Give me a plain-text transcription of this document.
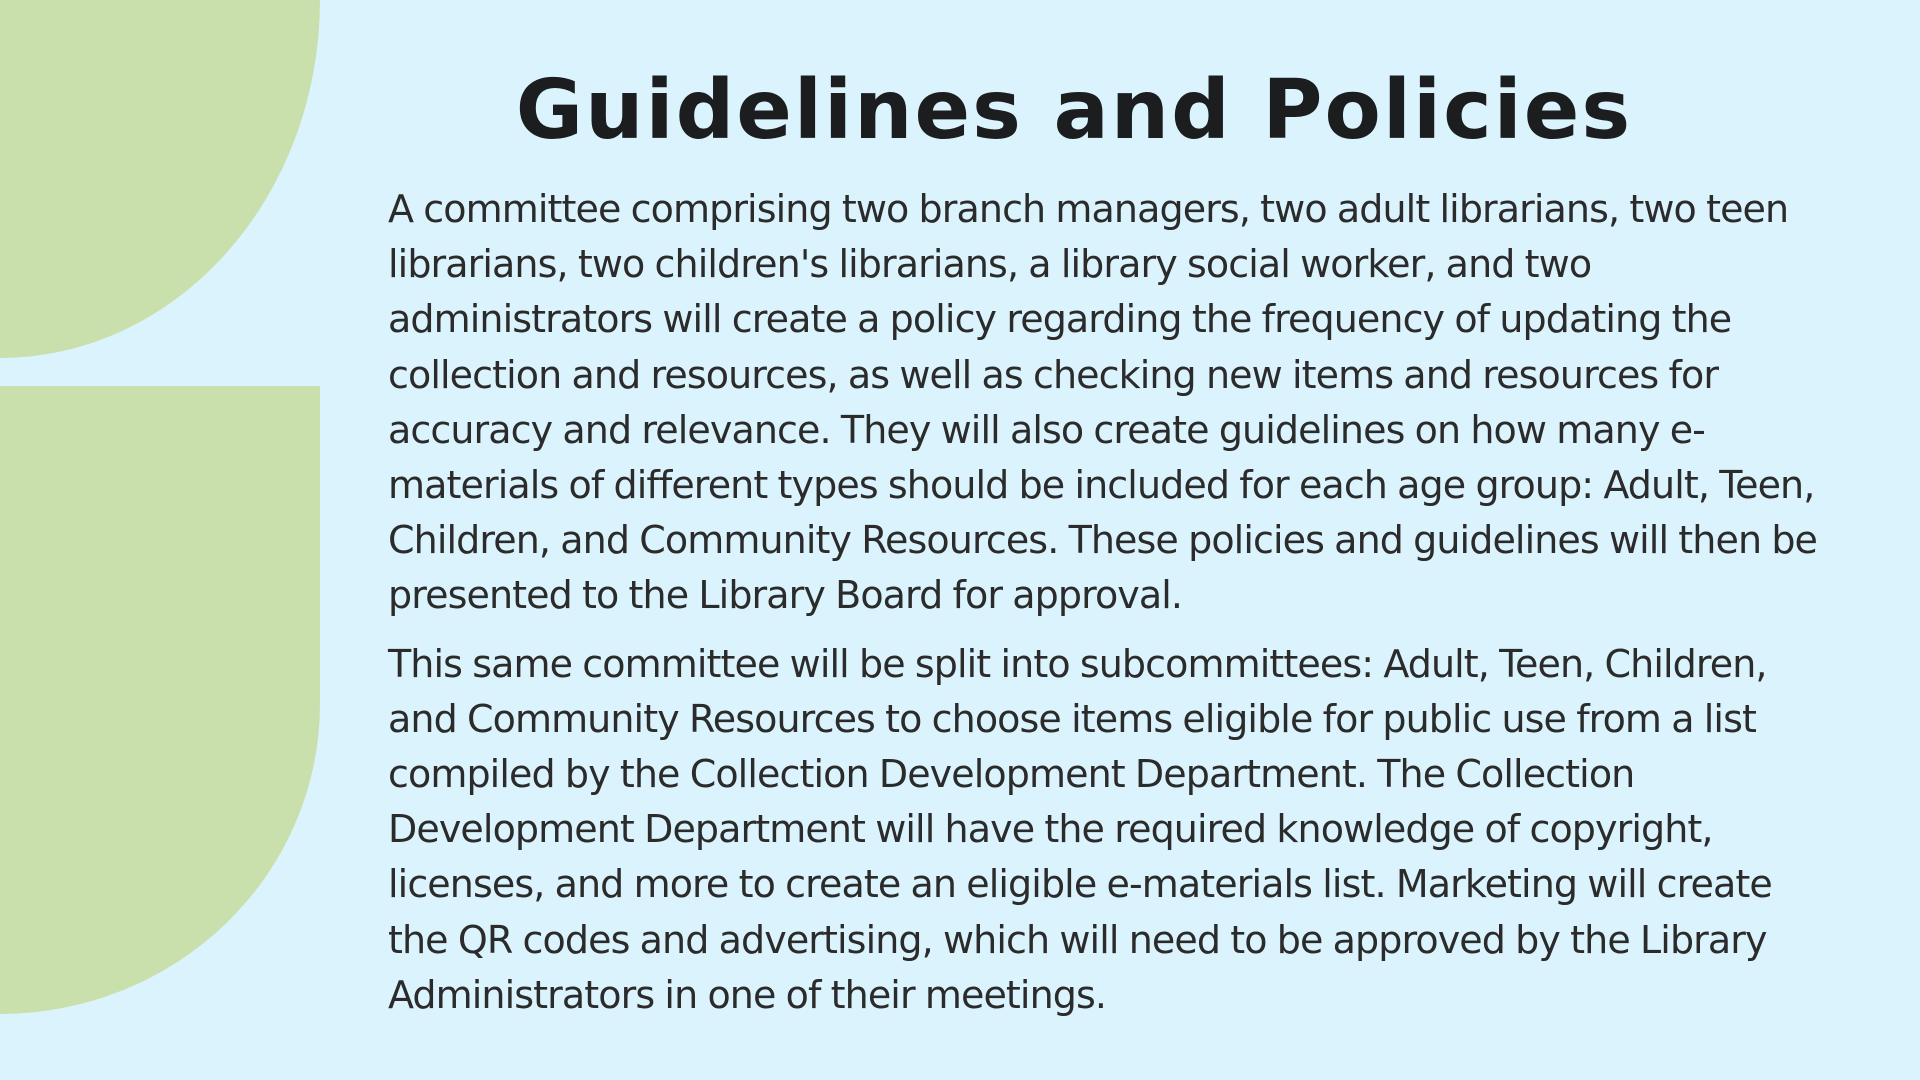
Guidelines and Policies

A committee comprising two branch managers, two adult librarians, two teen librarians, two children's librarians, a library social worker, and two administrators will create a policy regarding the frequency of updating the collection and resources, as well as checking new items and resources for accuracy and relevance. They will also create guidelines on how many e-materials of different types should be included for each age group: Adult, Teen, Children, and Community Resources. These policies and guidelines will then be presented to the Library Board for approval.

This same committee will be split into subcommittees: Adult, Teen, Children, and Community Resources to choose items eligible for public use from a list compiled by the Collection Development Department. The Collection Development Department will have the required knowledge of copyright, licenses, and more to create an eligible e-materials list. Marketing will create the QR codes and advertising, which will need to be approved by the Library Administrators in one of their meetings.
